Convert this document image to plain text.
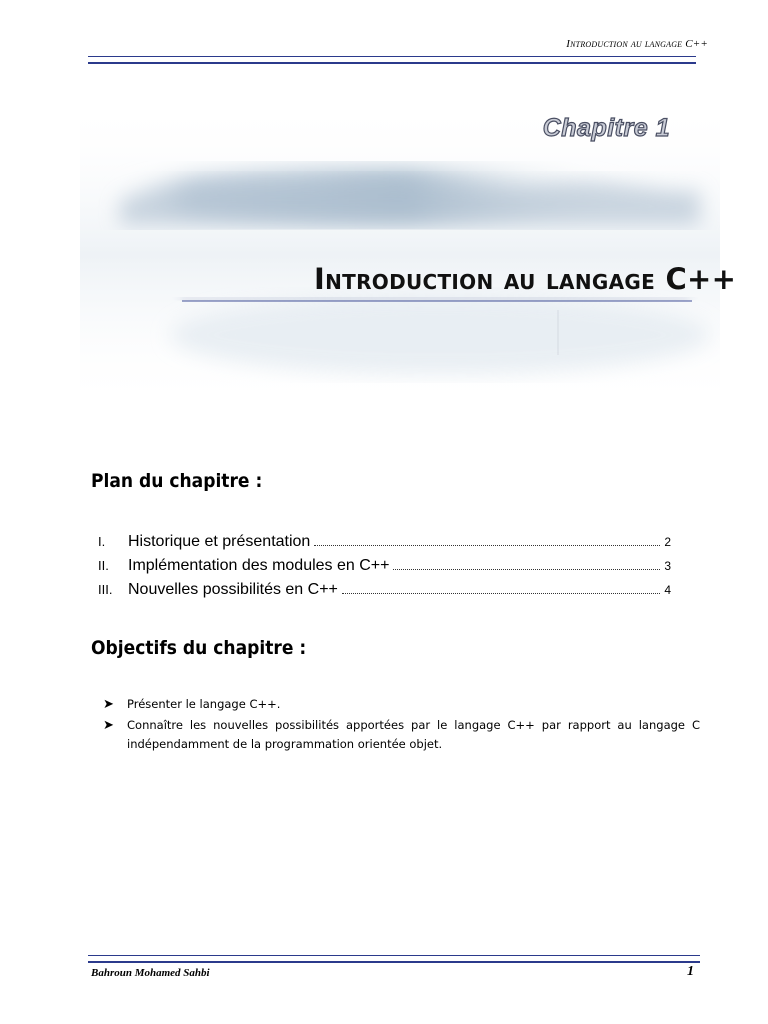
Introduction au langage C++
Chapitre 1
Introduction au langage C++
Plan du chapitre :
I.	Historique et présentation	2
II.	Implémentation des modules en C++	3
III. Nouvelles possibilités en C++	4
Objectifs du chapitre :
➤	Présenter le langage C++.
➤	Connaître les nouvelles possibilités apportées par le langage C++ par rapport au langage C indépendamment de la programmation orientée objet.
Bahroun Mohamed Sahbi	1
